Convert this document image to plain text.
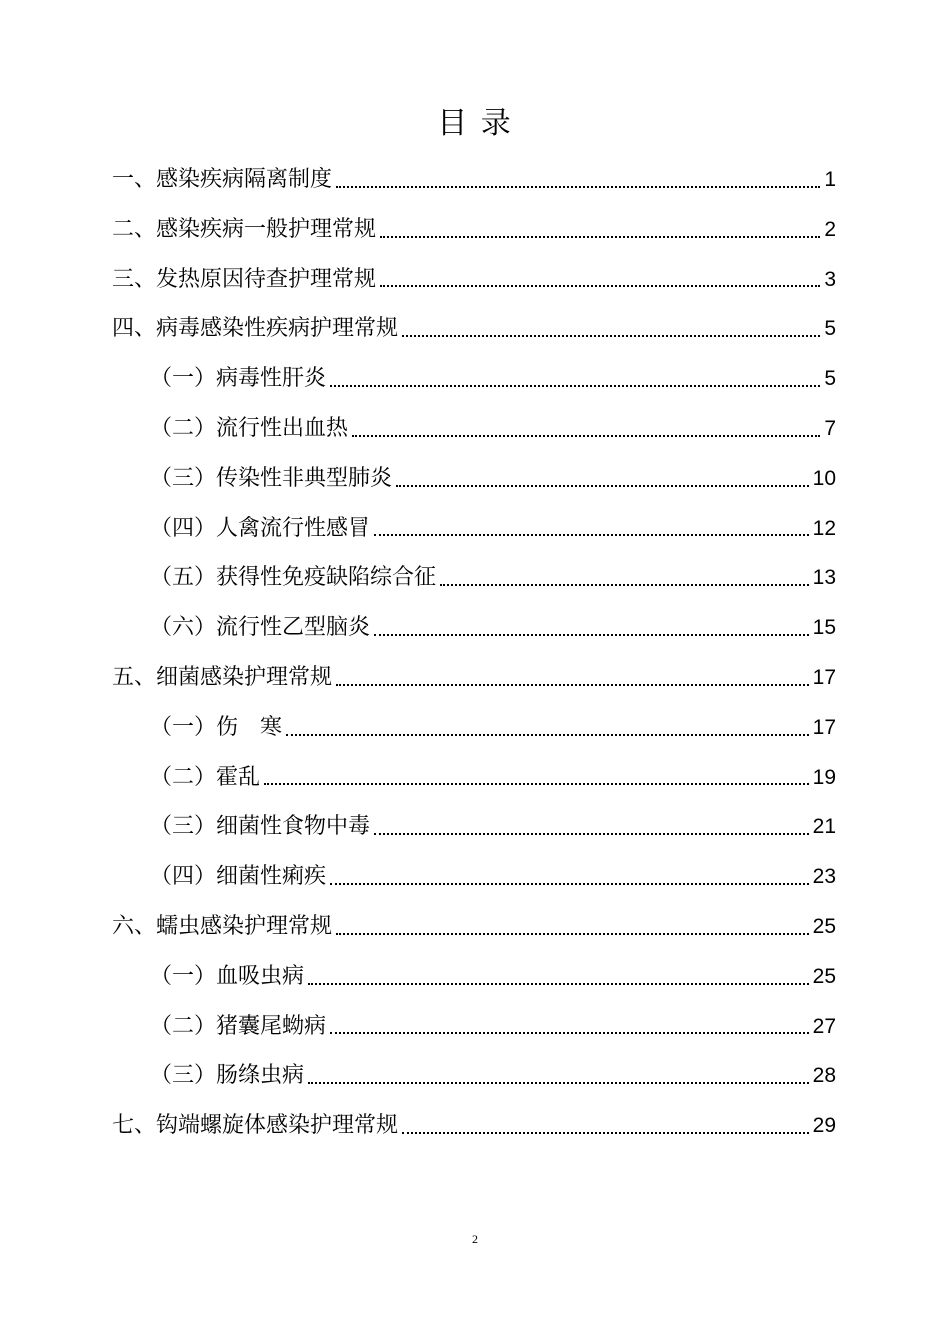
目 录
一、感染疾病隔离制度	1
二、感染疾病一般护理常规	2
三、发热原因待查护理常规	3
四、病毒感染性疾病护理常规	5
（一）病毒性肝炎	5
（二）流行性出血热	7
（三）传染性非典型肺炎	10
（四）人禽流行性感冒	12
（五）获得性免疫缺陷综合征	13
（六）流行性乙型脑炎	15
五、细菌感染护理常规	17
（一）伤　寒	17
（二）霍乱	19
（三）细菌性食物中毒	21
（四）细菌性痢疾	23
六、蠕虫感染护理常规	25
（一）血吸虫病	25
（二）猪囊尾蚴病	27
（三）肠绦虫病	28
七、钩端螺旋体感染护理常规	29
2
